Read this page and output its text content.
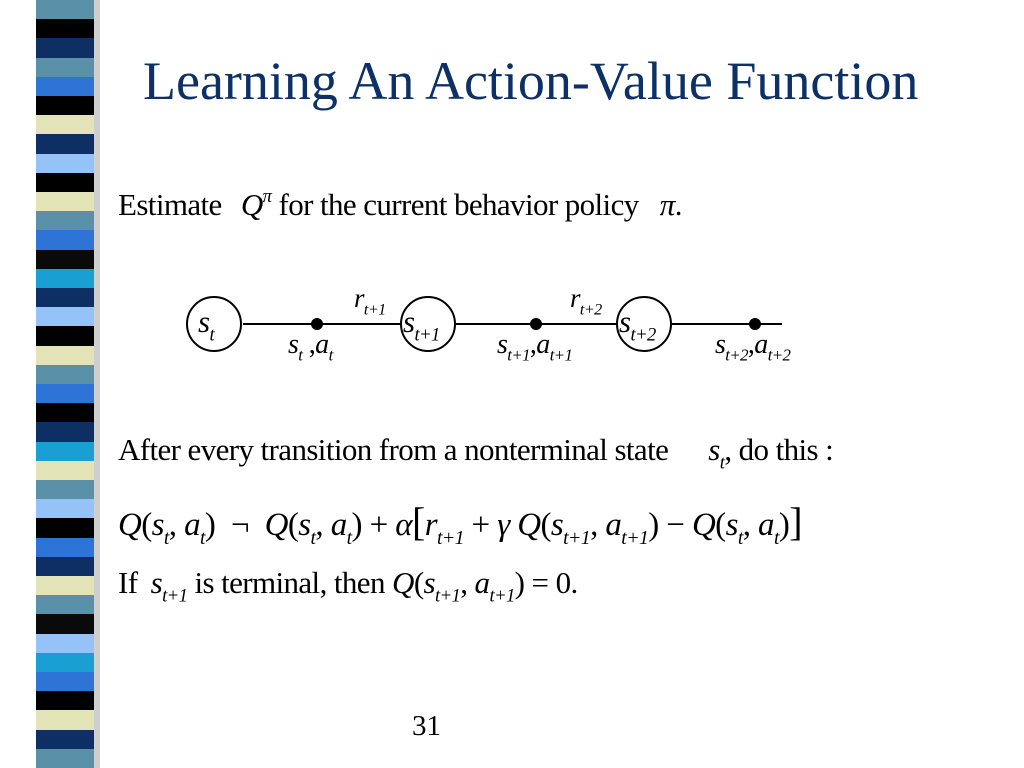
Learning An Action-Value Function
Estimate $Q^\pi$ for the current behavior policy π.
$s_t$	$s_{t+1}$	$s_{t+2}$
$r_{t+1}$	$r_{t+2}$
$s_t$ $,a_t$	$s_{t+1},a_{t+1}$	$s_{t+2},a_{t+2}$
After every transition from a nonterminal state $s_t$, do this :
$Q(s_t$, $a_t$) ¬ $Q(s_t$, $a_t) + \alpha[r_{t+1} + \gamma$ $Q(s_{t+1}$, $a_{t+1}) - Q(s_t$, $a_t$)]
If $s_{t+1}$ is terminal, then $Q(s_{t+1}$, $a_{t+1}) = 0$.
31
